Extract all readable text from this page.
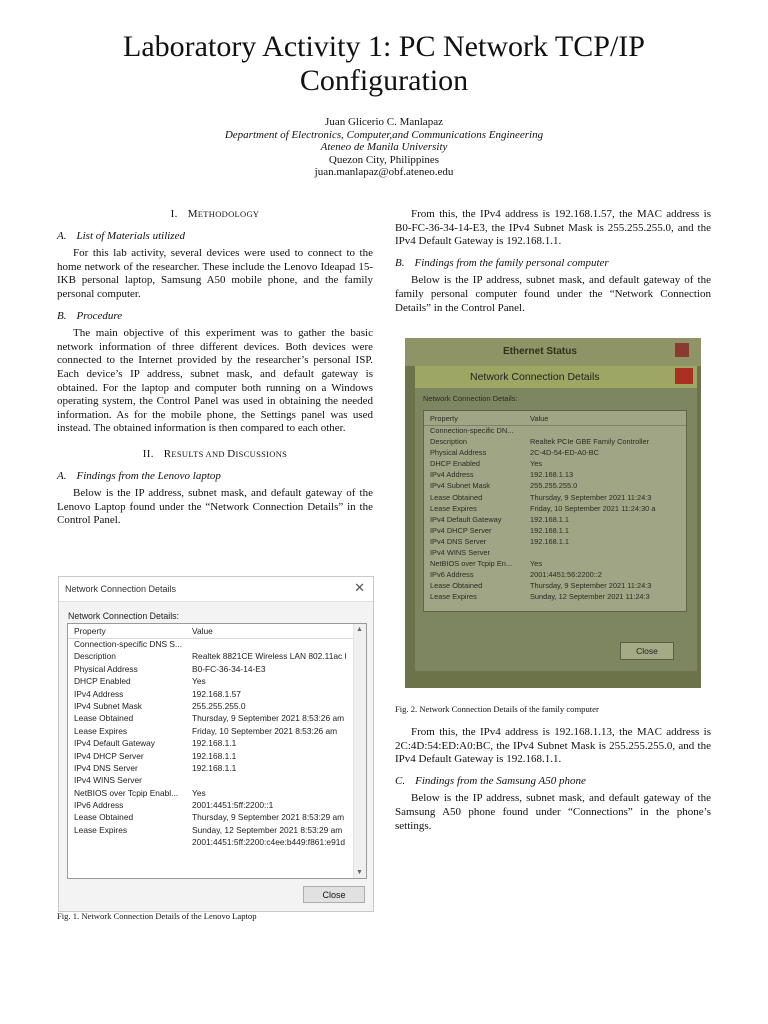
Laboratory Activity 1: PC Network TCP/IP Configuration
Juan Glicerio C. Manlapaz
Department of Electronics, Computer,and Communications Engineering
Ateneo de Manila University
Quezon City, Philippines
juan.manlapaz@obf.ateneo.edu
I. METHODOLOGY
A. List of Materials utilized

For this lab activity, several devices were used to connect to the home network of the researcher. These include the Lenovo Ideapad 15-IKB personal laptop, Samsung A50 mobile phone, and the family personal computer.

B. Procedure

The main objective of this experiment was to gather the basic network information of three different devices. Both devices were connected to the Internet provided by the researcher’s personal ISP. Each device’s IP address, subnet mask, and default gateway is obtained. For the laptop and computer both running on a Windows operating system, the Control Panel was used in obtaining the needed information. As for the mobile phone, the Settings panel was used instead. The obtained information is then compared to each other.

II. RESULTS AND DISCUSSIONS
A. Findings from the Lenovo laptop

Below is the IP address, subnet mask, and default gateway of the Lenovo Laptop found under the “Network Connection Details” in the Control Panel.

Network Connection Details	✕
Network Connection Details:
Property	Value
Connection-specific DNS S...
Description	Realtek 8821CE Wireless LAN 802.11ac I
Physical Address	B0-FC-36-34-14-E3
DHCP Enabled	Yes
IPv4 Address	192.168.1.57
IPv4 Subnet Mask	255.255.255.0
Lease Obtained	Thursday, 9 September 2021 8:53:26 am
Lease Expires	Friday, 10 September 2021 8:53:26 am
IPv4 Default Gateway	192.168.1.1
IPv4 DHCP Server	192.168.1.1
IPv4 DNS Server	192.168.1.1
IPv4 WINS Server
NetBIOS over Tcpip Enabl... Yes
IPv6 Address	2001:4451:5ff:2200::1
Lease Obtained	Thursday, 9 September 2021 8:53:29 am
Lease Expires	Sunday, 12 September 2021 8:53:29 am
2001:4451:5ff:2200:c4ee:b449:f861:e91d
▲
▼
Close
Fig. 1. Network Connection Details of the Lenovo Laptop

From this, the IPv4 address is 192.168.1.57, the MAC address is B0-FC-36-34-14-E3, the IPv4 Subnet Mask is 255.255.255.0, and the IPv4 Default Gateway is 192.168.1.1.

B. Findings from the family personal computer

Below is the IP address, subnet mask, and default gateway of the family personal computer found under the “Network Connection Details” in the Control Panel.

Ethernet Status
Network Connection Details
Network Connection Details:
Property	Value
Connection-specific DN...
Description	Realtek PCIe GBE Family Controller
Physical Address	2C-4D-54-ED-A0-BC
DHCP Enabled	Yes
IPv4 Address	192.168.1.13
IPv4 Subnet Mask	255.255.255.0
Lease Obtained	Thursday, 9 September 2021 11:24:3
Lease Expires	Friday, 10 September 2021 11:24:30 a
IPv4 Default Gateway	192.168.1.1
IPv4 DHCP Server	192.168.1.1
IPv4 DNS Server	192.168.1.1
IPv4 WINS Server
NetBIOS over Tcpip En... Yes
IPv6 Address	2001:4451:56:2200::2
Lease Obtained	Thursday, 9 September 2021 11:24:3
Lease Expires	Sunday, 12 September 2021 11:24:3
Close
Fig. 2. Network Connection Details of the family computer

From this, the IPv4 address is 192.168.1.13, the MAC address is 2C:4D:54:ED:A0:BC, the IPv4 Subnet Mask is 255.255.255.0, and the IPv4 Default Gateway is 192.168.1.1.

C. Findings from the Samsung A50 phone

Below is the IP address, subnet mask, and default gateway of the Samsung A50 phone found under “Connections” in the phone’s settings.
